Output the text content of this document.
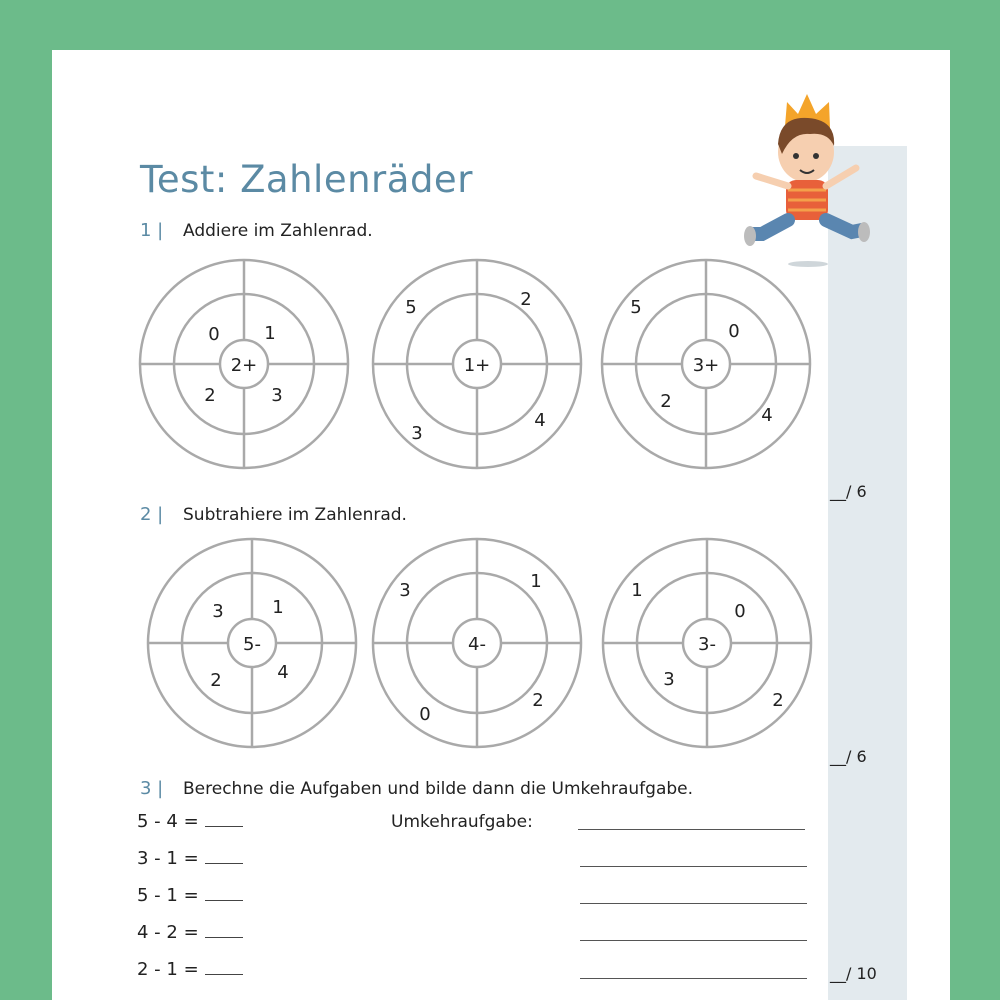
Test: Zahlenräder
1 | Addiere im Zahlenrad.
2 | Subtrahiere im Zahlenrad.
3 | Berechne die Aufgaben und bilde dann die Umkehraufgabe.
__/ 6
__/ 6
__/ 10
2+
0 1
2	3
1+
5	2
3
4
3+
5
0
2
4
5-
3	1
2	4
4-
3	1
0
2
3-
1
0
3
2
5 - 4 =
3 - 1 =
5 - 1 =
4 - 2 =
2 - 1 =
Umkehraufgabe:
